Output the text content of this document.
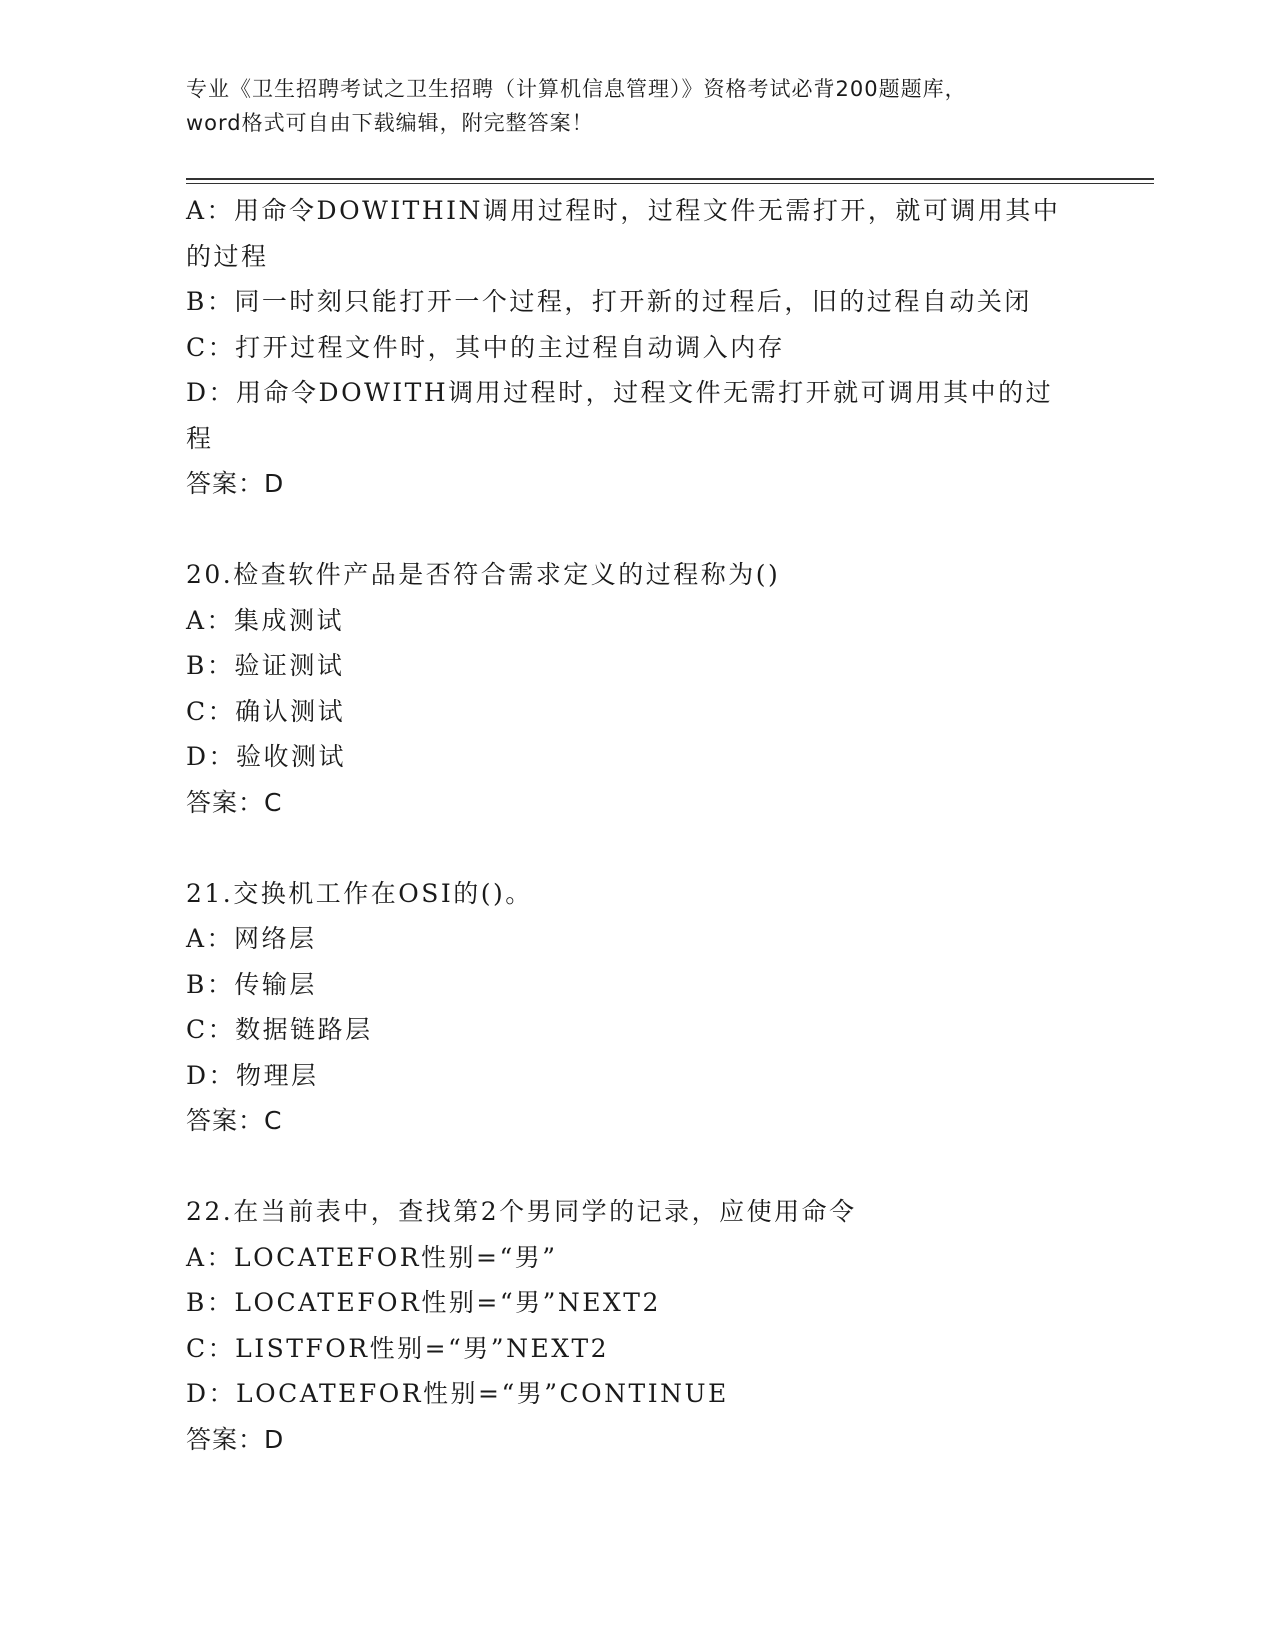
专业《卫生招聘考试之卫生招聘（计算机信息管理）》资格考试必背200题题库，
word格式可自由下载编辑，附完整答案！
A：用命令DOWITHIN调用过程时，过程文件无需打开，就可调用其中
的过程
B：同一时刻只能打开一个过程，打开新的过程后，旧的过程自动关闭
C：打开过程文件时，其中的主过程自动调入内存
D：用命令DOWITH调用过程时，过程文件无需打开就可调用其中的过
程
答案：D
20.检查软件产品是否符合需求定义的过程称为()
A：集成测试
B：验证测试
C：确认测试
D：验收测试
答案：C
21.交换机工作在OSI的()。
A：网络层
B：传输层
C：数据链路层
D：物理层
答案：C
22.在当前表中，查找第2个男同学的记录，应使用命令
A：LOCATEFOR性别=“男”
B：LOCATEFOR性别=“男”NEXT2
C：LISTFOR性别=“男”NEXT2
D：LOCATEFOR性别=“男”CONTINUE
答案：D
